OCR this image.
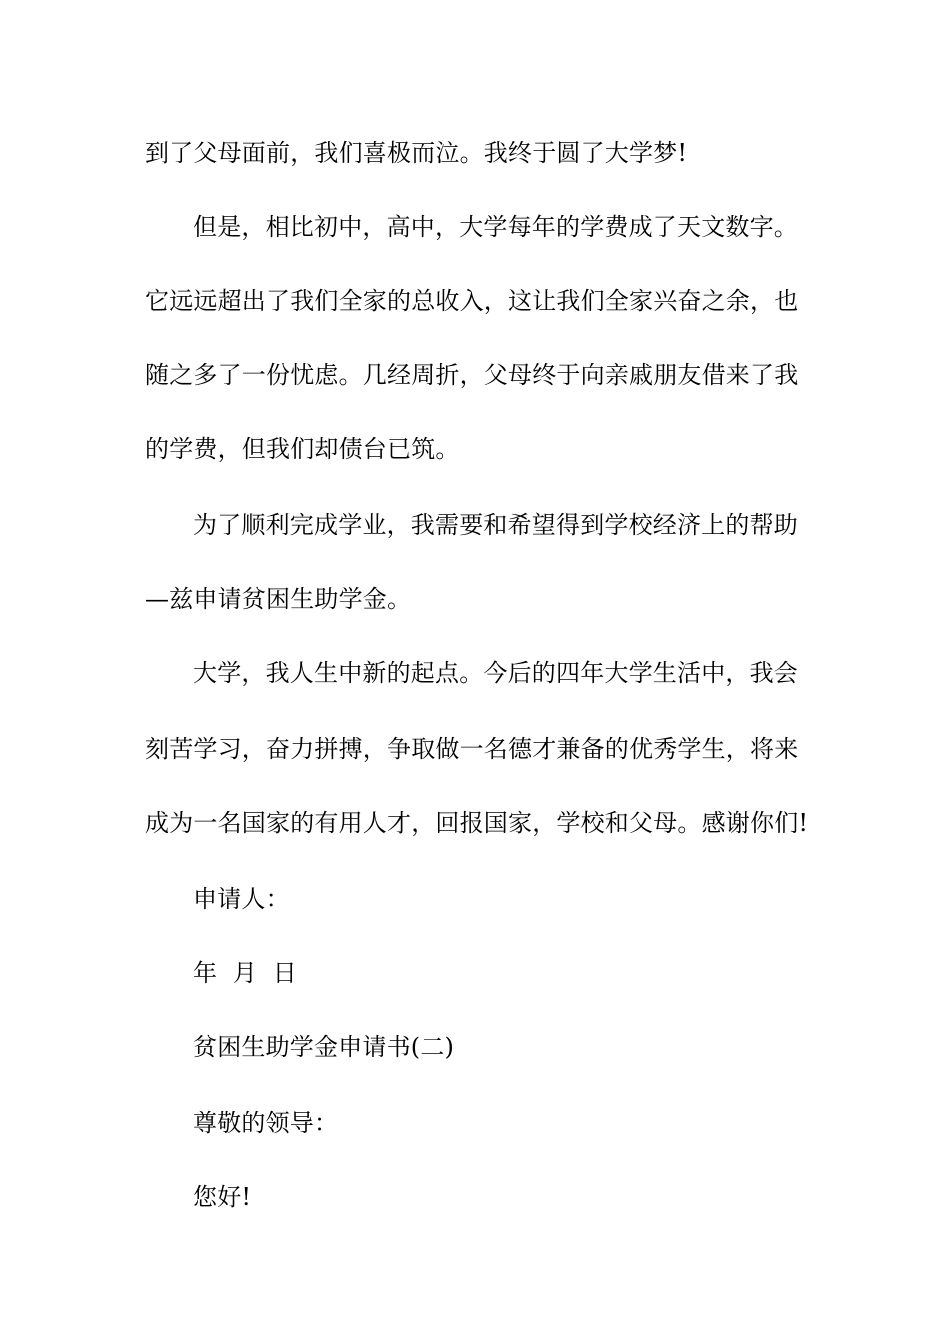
到了父母面前，我们喜极而泣。我终于圆了大学梦!

但是，相比初中，高中，大学每年的学费成了天文数字。

它远远超出了我们全家的总收入，这让我们全家兴奋之余，也

随之多了一份忧虑。几经周折，父母终于向亲戚朋友借来了我

的学费，但我们却债台已筑。

为了顺利完成学业，我需要和希望得到学校经济上的帮助

—兹申请贫困生助学金。

大学，我人生中新的起点。今后的四年大学生活中，我会

刻苦学习，奋力拼搏，争取做一名德才兼备的优秀学生，将来

成为一名国家的有用人才，回报国家，学校和父母。感谢你们!

申请人：

年  月  日

贫困生助学金申请书(二)

尊敬的领导：

您好!
